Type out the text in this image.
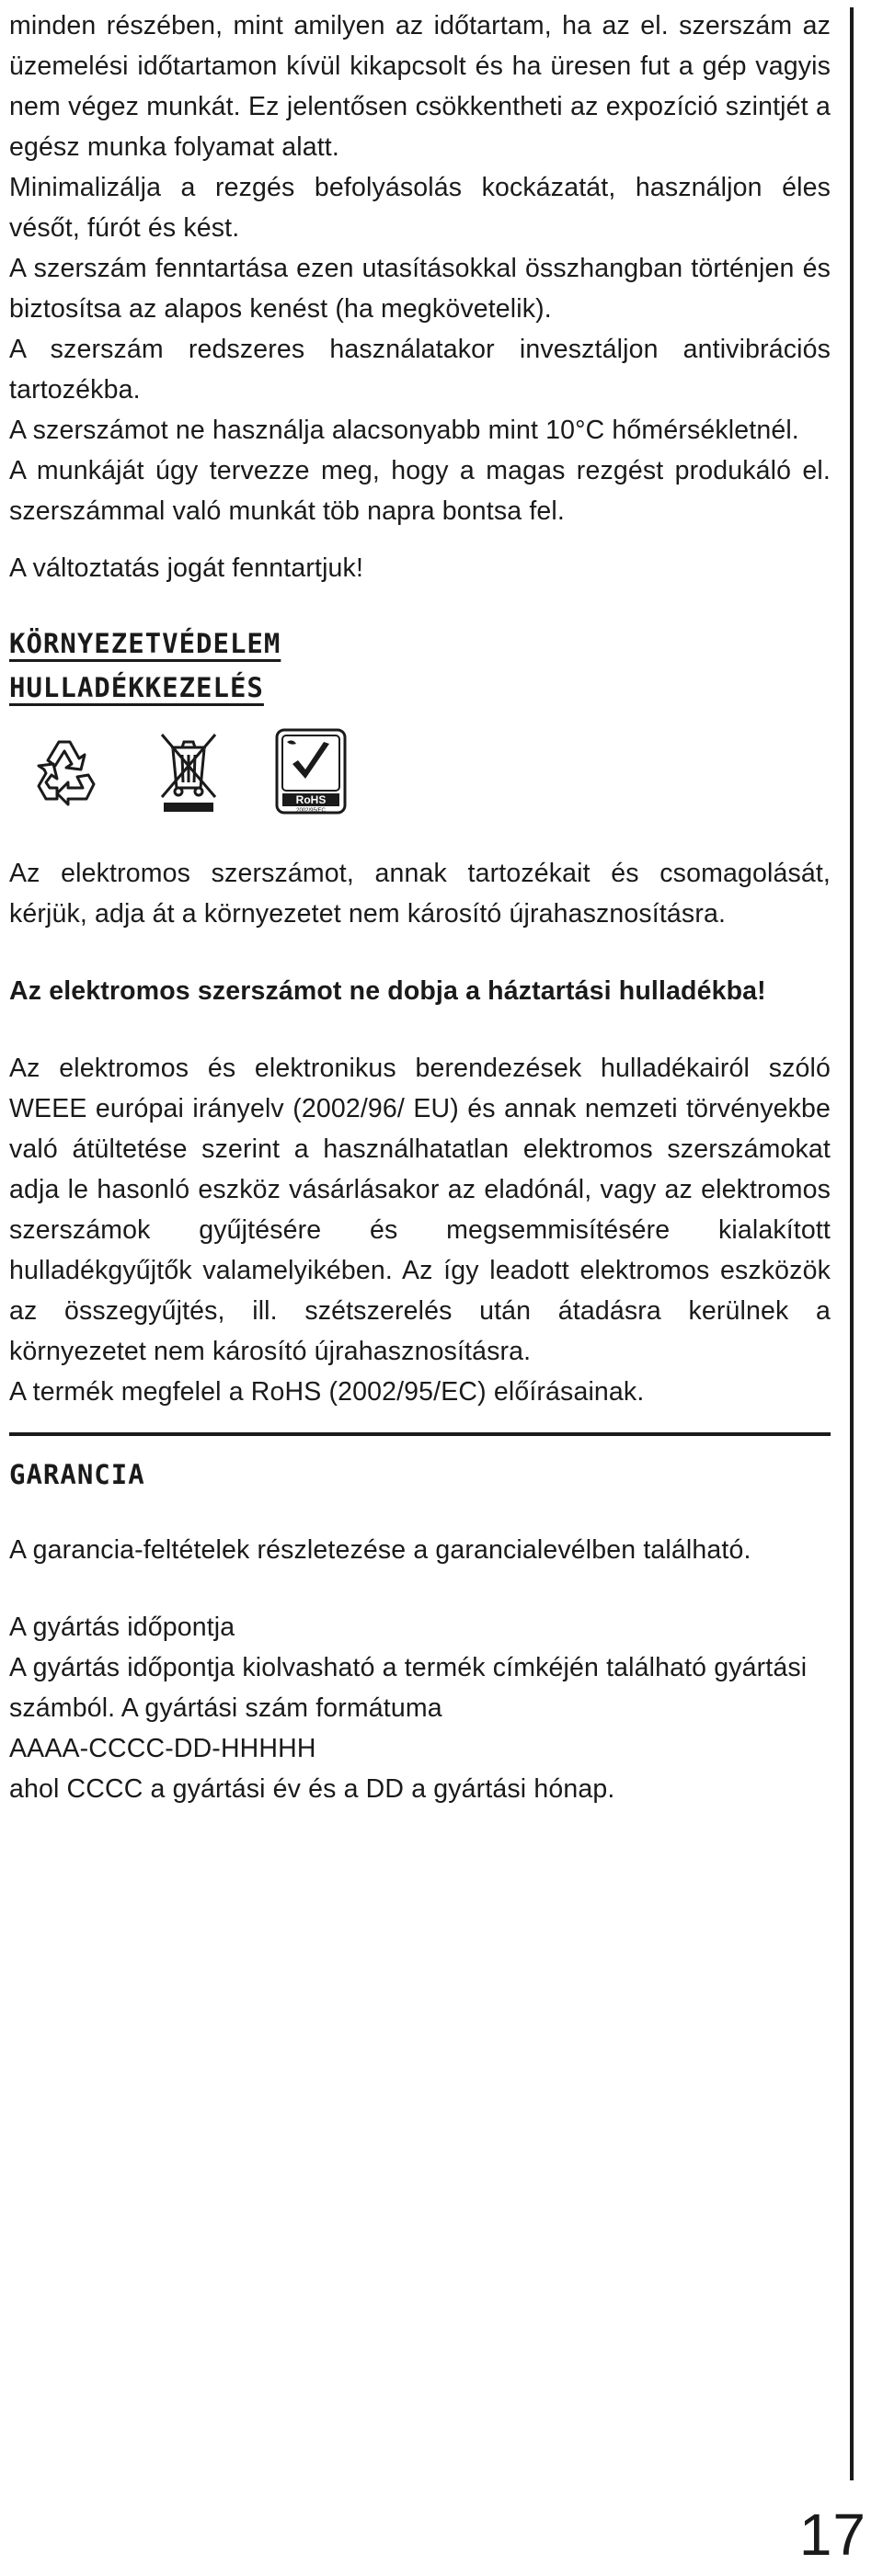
minden részében, mint amilyen az időtartam, ha az el. szerszám az üzemelési időtartamon kívül kikapcsolt és ha üresen fut a gép vagyis nem végez munkát. Ez jelentősen csökkentheti az expozíció szintjét a egész munka folyamat alatt.

Minimalizálja a rezgés befolyásolás kockázatát, használjon éles vésőt, fúrót és kést.

A szerszám fenntartása ezen utasításokkal összhangban történjen és biztosítsa az alapos kenést (ha megkövetelik).

A szerszám redszeres használatakor invesztáljon antivibrációs tartozékba.

A szerszámot ne használja alacsonyabb mint 10°C hőmérsékletnél.

A munkáját úgy tervezze meg, hogy a magas rezgést produkáló el. szerszámmal való munkát töb napra bontsa fel.

A változtatás jogát fenntartjuk!

KÖRNYEZETVÉDELEM
HULLADÉKKEZELÉS
RoHS
2002/95/EC

Az elektromos szerszámot, annak tartozékait és csomagolását, kérjük, adja át a környezetet nem károsító újrahasznosításra.

Az elektromos szerszámot ne dobja a háztartási hulladékba!

Az elektromos és elektronikus berendezések hulladékairól szóló WEEE európai irányelv (2002/96/ EU) és annak nemzeti törvényekbe való átültetése szerint a használhatatlan elektromos szerszámokat adja le hasonló eszköz vásárlásakor az eladónál, vagy az elektromos szerszámok gyűjtésére és megsemmisítésére kialakított hulladékgyűjtők valamelyikében. Az így leadott elektromos eszközök az összegyűjtés, ill. szétszerelés után átadásra kerülnek a környezetet nem károsító újrahasznosításra.

A termék megfelel a RoHS (2002/95/EC) előírásainak.

GARANCIA

A garancia-feltételek részletezése a garancialevélben található.

A gyártás időpontja

A gyártás időpontja kiolvasható a termék címkéjén található gyártási számból. A gyártási szám formátuma

AAAA-CCCC-DD-HHHHH

ahol CCCC a gyártási év és a DD a gyártási hónap.

17
